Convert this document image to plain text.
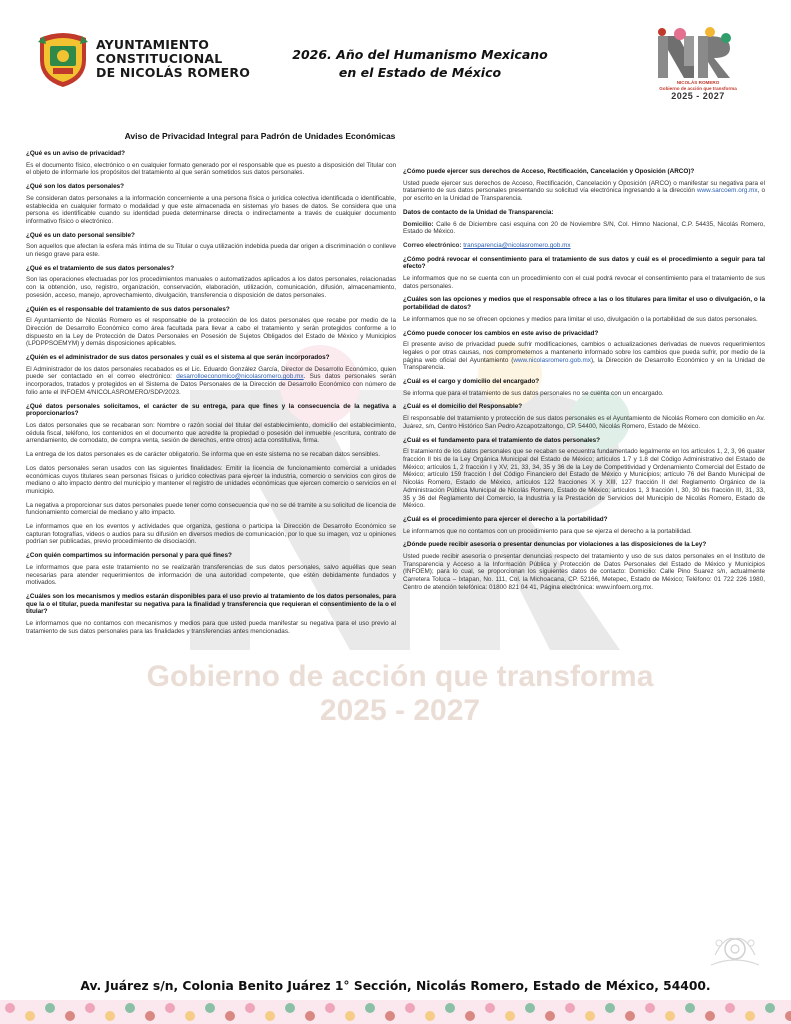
AYUNTAMIENTO
CONSTITUCIONAL
DE NICOLÁS ROMERO
2026. Año del Humanismo Mexicano
en el Estado de México
NICOLÁS ROMERO
Gobierno de acción que transforma
2025 - 2027
Gobierno de acción que transforma
2025 - 2027
Aviso de Privacidad Integral para Padrón de Unidades Económicas
¿Qué es un aviso de privacidad?
Es el documento físico, electrónico o en cualquier formato generado por el responsable que es puesto a disposición del Titular con el objeto de informarle los propósitos del tratamiento al que serán sometidos sus datos personales.
¿Qué son los datos personales?
Se consideran datos personales a la información concerniente a una persona física o jurídica colectiva identificada o identificable, establecida en cualquier formato o modalidad y que este almacenada en sistemas y/o bases de datos. Se considera que una persona es identificable cuando su identidad pueda determinarse directa o indirectamente a través de cualquier documento informativo físico o electrónico.
¿Qué es un dato personal sensible?
Son aquellos que afectan la esfera más íntima de su Titular o cuya utilización indebida pueda dar origen a discriminación o conlleve un riesgo grave para este.
¿Qué es el tratamiento de sus datos personales?
Son las operaciones efectuadas por los procedimientos manuales o automatizados aplicados a los datos personales, relacionadas con la obtención, uso, registro, organización, conservación, elaboración, utilización, comunicación, difusión, almacenamiento, posesión, acceso, manejo, aprovechamiento, divulgación, transferencia o disposición de datos personales.
¿Quién es el responsable del tratamiento de sus datos personales?
El Ayuntamiento de Nicolás Romero es el responsable de la protección de los datos personales que recabe por medio de la Dirección de Desarrollo Económico como área facultada para llevar a cabo el tratamiento y serán protegidos conforme a lo dispuesto en la Ley de Protección de Datos Personales en Posesión de Sujetos Obligados del Estado de México y Municipios (LPDPPSOEMYM) y demás disposiciones aplicables.
¿Quién es el administrador de sus datos personales y cuál es el sistema al que serán incorporados?
El Administrador de los datos personales recabados es el Lic. Eduardo González García, Director de Desarrollo Económico, quien puede ser contactado en el correo electrónico: desarrolloeconomico@nicolasromero.gob.mx. Sus datos personales serán incorporados, tratados y protegidos en el Sistema de Datos Personales de la Dirección de Desarrollo Económico con número de folio ante el INFOEM 4/NICOLASROMERO/SDP/2023.
¿Qué datos personales solicitamos, el carácter de su entrega, para que fines y la consecuencia de la negativa a proporcionarlos?
Los datos personales que se recabaran son: Nombre o razón social del titular del establecimiento, domicilio del establecimiento, cédula fiscal, teléfono, los contenidos en el documento que acredite la propiedad o posesión del inmueble (escritura, contrato de arrendamiento, de comodato, de compra venta, sesión de derechos, entre otros) acta constitutiva, firma.
La entrega de los datos personales es de carácter obligatorio. Se informa que en este sistema no se recaban datos sensibles.
Los datos personales seran usados con las siguientes finalidades: Emitir la licencia de funcionamiento comercial a unidades económicas cuyos titulares sean personas físicas o jurídico colectivas para ejercer la industria, comercio o servicios con giros de mediano o alto impacto dentro del municipio y mantener el registro de unidades económicas que ejercen comercio o servicios en el municipio.
La negativa a proporcionar sus datos personales puede tener como consecuencia que no se dé tramite a su solicitud de licencia de funcionamiento comercial de mediano y alto impacto.
Le informamos que en los eventos y actividades que organiza, gestiona o participa la Dirección de Desarrollo Económico se capturan fotografías, videos o audios para su difusión en diversos medios de comunicación, por lo que su imagen, voz u opiniones podrían ser publicadas, previo procedimiento de disociación.
¿Con quién compartimos su información personal y para qué fines?
Le informamos que para este tratamiento no se realizarán transferencias de sus datos personales, salvo aquéllas que sean necesarias para atender requerimientos de información de una autoridad competente, que estén debidamente fundados y motivados.
¿Cuáles son los mecanismos y medios estarán disponibles para el uso previo al tratamiento de los datos personales, para que la o el titular, pueda manifestar su negativa para la finalidad y transferencia que requieran el consentimiento de la o el titular?
Le informamos que no contamos con mecanismos y medios para que usted pueda manifestar su negativa para el uso previo al tratamiento de sus datos personales para las finalidades y transferencias antes mencionadas.
¿Cómo puede ejercer sus derechos de Acceso, Rectificación, Cancelación y Oposición (ARCO)?
Usted puede ejercer sus derechos de Acceso, Rectificación, Cancelación y Oposición (ARCO) o manifestar su negativa para el tratamiento de sus datos personales presentando su solicitud vía electrónica ingresando a la dirección www.sarcoem.org.mx, o por escrito en la Unidad de Transparencia.
Datos de contacto de la Unidad de Transparencia:
Domicilio: Calle 6 de Diciembre casi esquina con 20 de Noviembre S/N, Col. Himno Nacional, C.P. 54435, Nicolás Romero, Estado de México.
Correo electrónico: transparencia@nicolasromero.gob.mx
¿Cómo podrá revocar el consentimiento para el tratamiento de sus datos y cuál es el procedimiento a seguir para tal efecto?
Le informamos que no se cuenta con un procedimiento con el cual podrá revocar el consentimiento para el tratamiento de sus datos personales.
¿Cuáles son las opciones y medios que el responsable ofrece a las o los titulares para limitar el uso o divulgación, o la portabilidad de datos?
Le informamos que no se ofrecen opciones y medios para limitar el uso, divulgación o la portabilidad de sus datos personales.
¿Cómo puede conocer los cambios en este aviso de privacidad?
El presente aviso de privacidad puede sufrir modificaciones, cambios o actualizaciones derivadas de nuevos requerimientos legales o por otras causas, nos comprometemos a mantenerlo informado sobre los cambios que pueda sufrir, por medio de la página web oficial del Ayuntamiento (www.nicolasromero.gob.mx), la Dirección de Desarrollo Económico y en la Unidad de Transparencia.
¿Cuál es el cargo y domicilio del encargado?
Se informa que para el tratamiento de sus datos personales no se cuenta con un encargado.
¿Cuál es el domicilio del Responsable?
El responsable del tratamiento y protección de sus datos personales es el Ayuntamiento de Nicolás Romero con domicilio en Av. Juárez, s/n, Centro Histórico San Pedro Azcapotzaltongo, CP. 54400, Nicolás Romero, Estado de México.
¿Cuál es el fundamento para el tratamiento de datos personales?
El tratamiento de los datos personales que se recaban se encuentra fundamentado legalmente en los artículos 1, 2, 3, 96 quater fracción II bis de la Ley Orgánica Municipal del Estado de México; artículos 1.7 y 1.8 del Código Administrativo del Estado de México; artículos 1, 2 fracción I y XV, 21, 33, 34, 35 y 36 de la Ley de Competitividad y Ordenamiento Comercial del Estado de México; artículo 159 fracción I del Código Financiero del Estado de México y Municipios; artículo 76 del Bando Municipal de Nicolás Romero, Estado de México, artículos 122 fracciones X y XIII, 127 fracción II del Reglamento Orgánico de la Administración Pública Municipal de Nicolás Romero, Estado de México; artículos 1, 3 fracción I, 30, 30 bis fracción III, 31, 33, 35 y 36 del Reglamento del Comercio, la Industria y la Prestación de Servicios del Municipio de Nicolás Romero, Estado de México.
¿Cuál es el procedimiento para ejercer el derecho a la portabilidad?
Le informamos que no contamos con un procedimiento para que se ejerza el derecho a la portabilidad.
¿Dónde puede recibir asesoría o presentar denuncias por violaciones a las disposiciones de la Ley?
Usted puede recibir asesoría o presentar denuncias respecto del tratamiento y uso de sus datos personales en el Instituto de Transparencia y Acceso a la Información Pública y Protección de Datos Personales del Estado de México y Municipios (INFOEM); para lo cual, se proporcionan los siguientes datos de contacto: Domicilio: Calle Pino Suarez s/n, actualmente Carretera Toluca – Ixtapan, No. 111, Col. la Michoacana, CP. 52166, Metepec, Estado de México; Teléfono: 01 722 226 1980, Centro de atención telefónica: 01800 821 04 41, Página electrónica: www.infoem.org.mx.
Av. Juárez s/n, Colonia Benito Juárez 1° Sección, Nicolás Romero, Estado de México, 54400.
